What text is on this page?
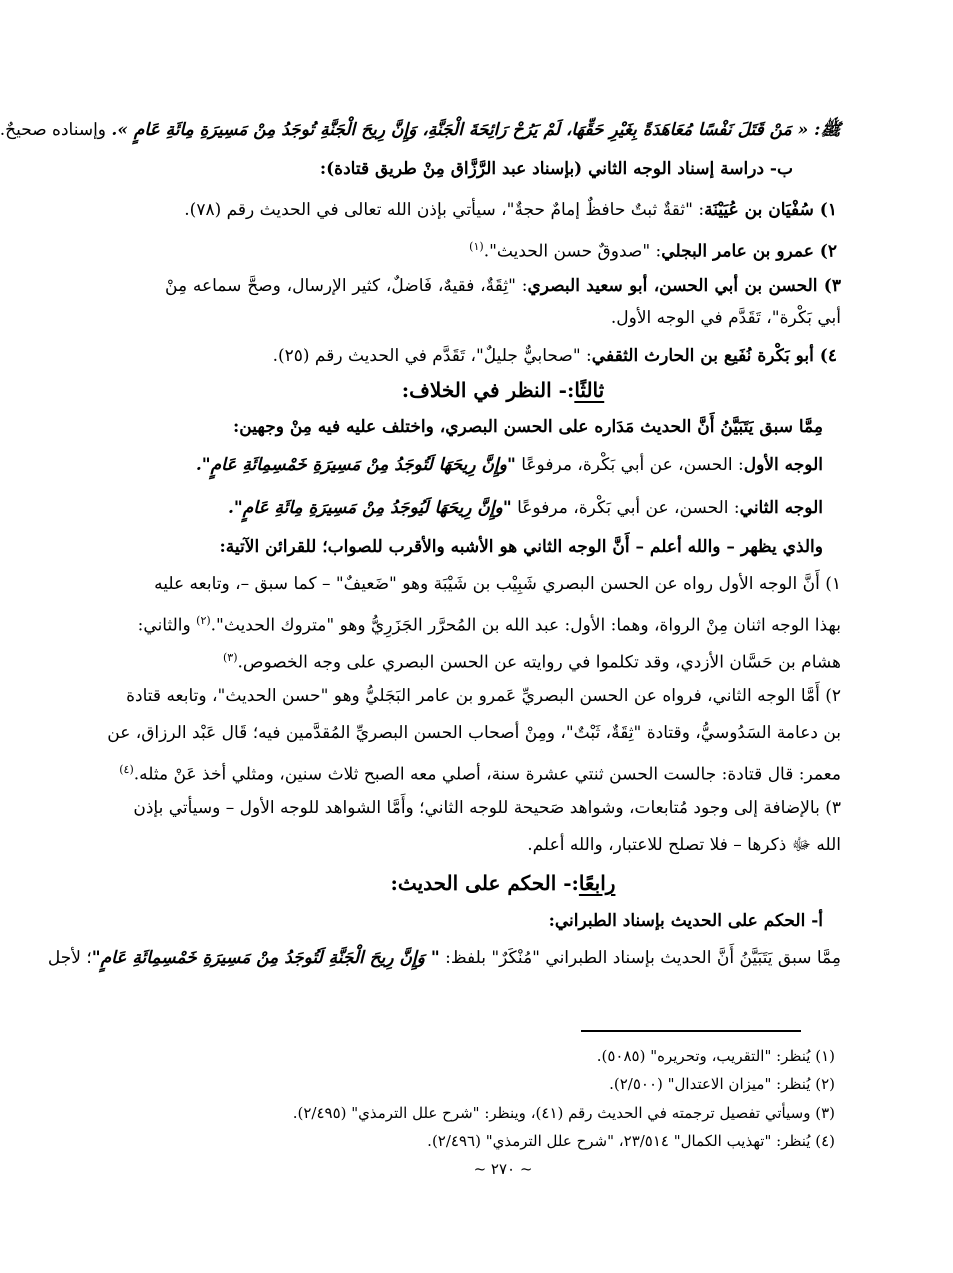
ﷺ: « مَنْ قَتَلَ نَفْسًا مُعَاهَدَةً بِغَيْرِ حَقِّهَا، لَمْ يَرُحْ رَائِحَةَ الْجَنَّةِ، وَإِنَّ رِيحَ الْجَنَّةِ تُوجَدُ مِنْ مَسِيرَةِ مِائَةِ عَامٍ ». وإسناده صحيحٌ.
ب- دراسة إسناد الوجه الثاني (بإسناد عبد الرَّزَّاق مِنْ طريق قتادة):
١) سُفْيَان بن عُيَيْنَة: "ثقةٌ ثبتٌ حافظٌ إمامٌ حجةٌ"، سيأتي بإذن الله تعالى في الحديث رقم (٧٨).
٢) عمرو بن عامر البجلي: "صدوقٌ حسن الحديث".$^{(١)}$
٣) الحسن بن أبي الحسن، أبو سعيد البصري: "ثِقَةٌ، فقيهٌ، فَاضلٌ، كثير الإرسال، وصحَّ سماعه مِنْ
أبي بَكْرة"، تَقَدَّم في الوجه الأول.
٤) أبو بَكْرة نُفَيع بن الحارث الثقفي: "صحابيٌّ جليلٌ"، تَقَدَّم في الحديث رقم (٢٥).
ثالثًا:- النظر في الخلاف:
مِمَّا سبق يَتَبَيَّنُ أَنَّ الحديث مَدَاره على الحسن البصري، واختلف عليه فيه مِنْ وجهين:
الوجه الأول: الحسن، عن أبي بَكْرة، مرفوعًا "وإِنَّ رِيحَهَا لَتُوجَدُ مِنْ مَسِيرَةِ خَمْسِمِائَةِ عَامٍ".
الوجه الثاني: الحسن، عن أبي بَكْرة، مرفوعًا "وإِنَّ رِيحَهَا لَيُوجَدُ مِنْ مَسِيرَةِ مِائَةِ عَامٍ".
والذي يظهر – والله أعلم – أَنَّ الوجه الثاني هو الأشبه والأقرب للصواب؛ للقرائن الآتية:
١) أَنَّ الوجه الأول رواه عن الحسن البصري شَبِيْب بن شَيْبَة وهو "ضَعيفٌ" – كما سبق –، وتابعه عليه
بهذا الوجه اثنان مِنْ الرواة، وهما: الأول: عبد الله بن المُحرَّر الجَزَرِيُّ وهو "متروك الحديث".$^{(٢)}$ والثاني:
هشام بن حَسَّان الأزدي، وقد تكلموا في روايته عن الحسن البصري على وجه الخصوص.$^{(٣)}$
٢) أَمَّا الوجه الثاني، فرواه عن الحسن البصريِّ عَمرو بن عامر البَجَليُّ وهو "حسن الحديث"، وتابعه قتادة
بن دعامة السَدُوسيُّ، وقتادة "ثِقَةٌ، ثَبْتٌ"، ومِنْ أصحاب الحسن البصريِّ المُقدَّمين فيه؛ قَال عَبْد الرزاق، عن
معمر: قال قتادة: جالست الحسن ثنتي عشرة سنة، أصلي معه الصبح ثلاث سنين، ومثلي أخذ عَنْ مثله.$^{(٤)}$
٣) بالإضافة إلى وجود مُتابعات، وشواهد صَحيحة للوجه الثاني؛ وأَمَّا الشواهد للوجه الأول – وسيأتي بإذن
الله ﷻ ذكرها – فلا تصلح للاعتبار، والله أعلم.
رابعًا:- الحكم على الحديث:
أ- الحكم على الحديث بإسناد الطبراني:
مِمَّا سبق يَتَبَيَّنُ أَنَّ الحديث بإسناد الطبراني "مُنْكَرٌ" بلفظ: " وَإِنَّ رِيحَ الْجَنَّةِ لَتُوجَدُ مِنْ مَسِيرَةِ خَمْسِمِائَةِ عَامٍ"؛ لأجل
(١) يُنظر: "التقريب، وتحريره" (٥٠٨٥).
(٢) يُنظر: "ميزان الاعتدال" (٢/٥٠٠).
(٣) وسيأتي تفصيل ترجمته في الحديث رقم (٤١)، وينظر: "شرح علل الترمذي" (٢/٤٩٥).
(٤) يُنظر: "تهذيب الكمال" ٢٣/٥١٤، "شرح علل الترمذي" (٢/٤٩٦).
~ ٢٧٠ ~
